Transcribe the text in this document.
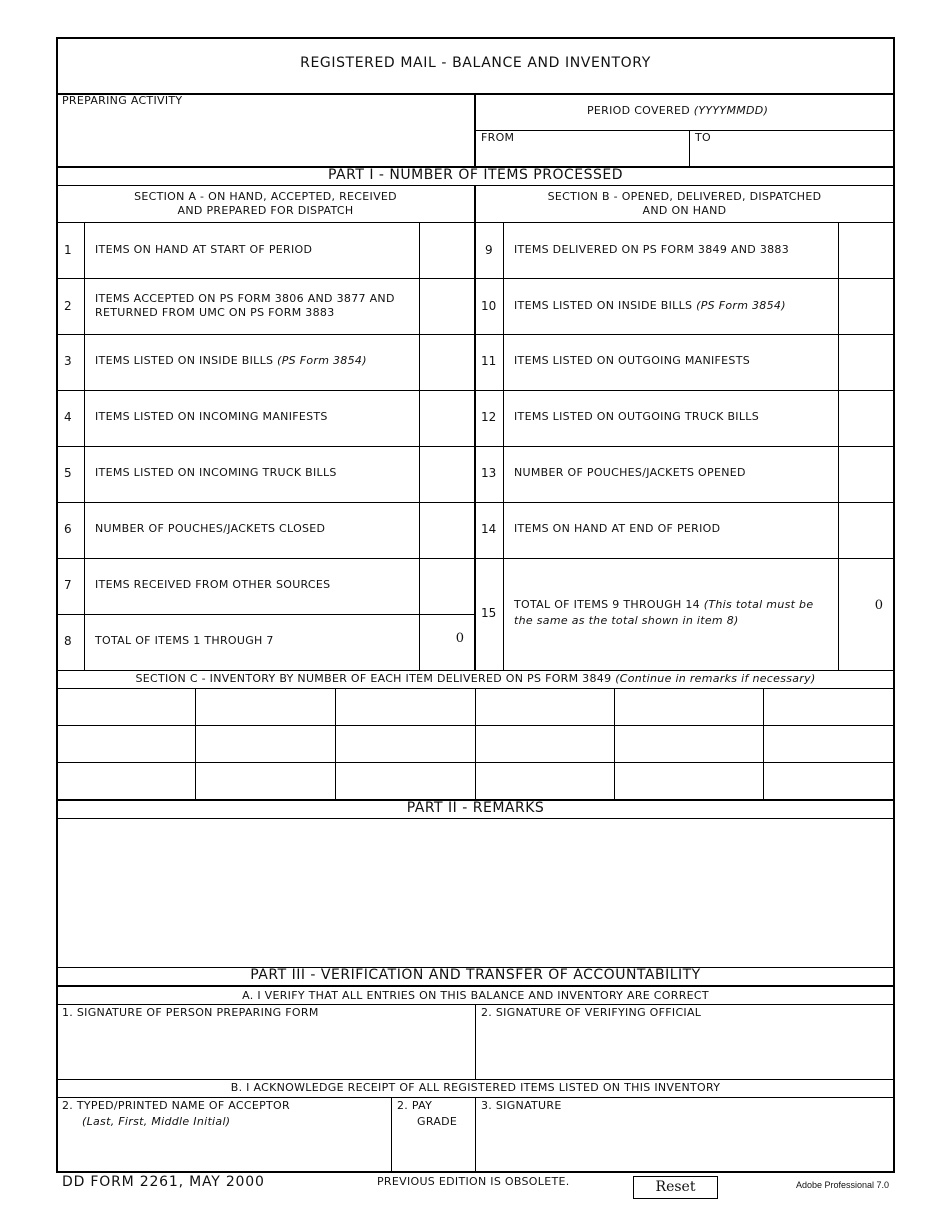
REGISTERED MAIL - BALANCE AND INVENTORY
PREPARING ACTIVITY
PERIOD COVERED (YYYYMMDD)
FROM	TO
PART I - NUMBER OF ITEMS PROCESSED
SECTION A - ON HAND, ACCEPTED, RECEIVED
AND PREPARED FOR DISPATCH
SECTION B - OPENED, DELIVERED, DISPATCHED
AND ON HAND
1 ITEMS ON HAND AT START OF PERIOD
2
ITEMS ACCEPTED ON PS FORM 3806 AND 3877 AND
RETURNED FROM UMC ON PS FORM 3883
3 ITEMS LISTED ON INSIDE BILLS (PS Form 3854)
4 ITEMS LISTED ON INCOMING MANIFESTS
5 ITEMS LISTED ON INCOMING TRUCK BILLS
6 NUMBER OF POUCHES/JACKETS CLOSED
7 ITEMS RECEIVED FROM OTHER SOURCES
8 TOTAL OF ITEMS 1 THROUGH 7	0
9 ITEMS DELIVERED ON PS FORM 3849 AND 3883
10 ITEMS LISTED ON INSIDE BILLS (PS Form 3854)
11 ITEMS LISTED ON OUTGOING MANIFESTS
12 ITEMS LISTED ON OUTGOING TRUCK BILLS
13 NUMBER OF POUCHES/JACKETS OPENED
14 ITEMS ON HAND AT END OF PERIOD
15
TOTAL OF ITEMS 9 THROUGH 14 (This total must be
the same as the total shown in item 8)
0
SECTION C - INVENTORY BY NUMBER OF EACH ITEM DELIVERED ON PS FORM 3849 (Continue in remarks if necessary)
PART II - REMARKS
PART III - VERIFICATION AND TRANSFER OF ACCOUNTABILITY
A. I VERIFY THAT ALL ENTRIES ON THIS BALANCE AND INVENTORY ARE CORRECT
1. SIGNATURE OF PERSON PREPARING FORM	2. SIGNATURE OF VERIFYING OFFICIAL
B. I ACKNOWLEDGE RECEIPT OF ALL REGISTERED ITEMS LISTED ON THIS INVENTORY
2. TYPED/PRINTED NAME OF ACCEPTOR
(Last, First, Middle Initial)
2. PAY
GRADE
3. SIGNATURE
DD FORM 2261, MAY 2000	PREVIOUS EDITION IS OBSOLETE.	Reset	Adobe Professional 7.0
